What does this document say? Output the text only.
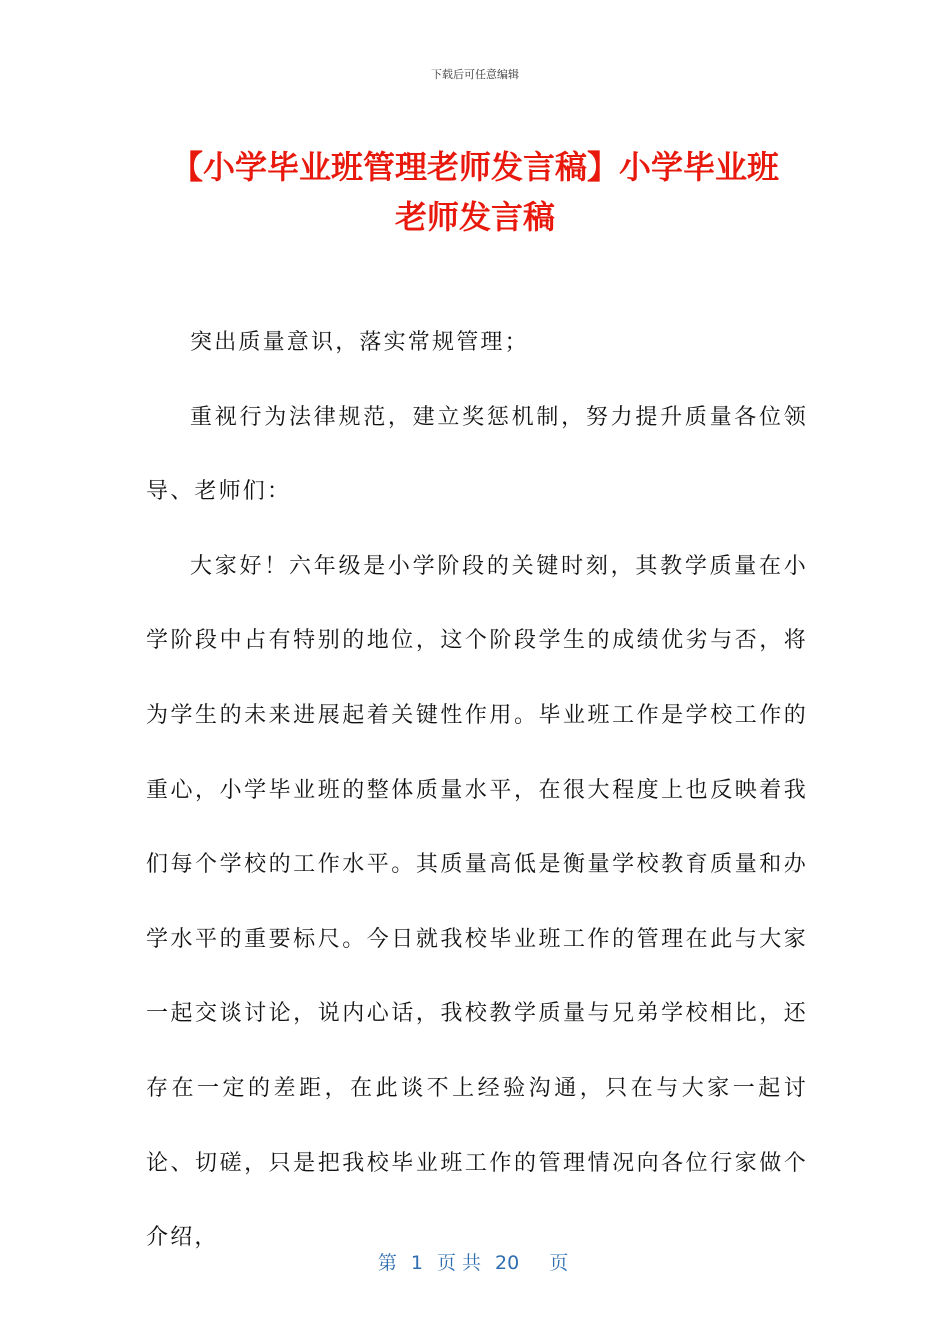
下载后可任意编辑
【小学毕业班管理老师发言稿】小学毕业班
老师发言稿

突出质量意识，落实常规管理；

重视行为法律规范，建立奖惩机制，努力提升质量各位领导、老师们：

大家好！六年级是小学阶段的关键时刻，其教学质量在小学阶段中占有特别的地位，这个阶段学生的成绩优劣与否，将为学生的未来进展起着关键性作用。毕业班工作是学校工作的重心，小学毕业班的整体质量水平，在很大程度上也反映着我们每个学校的工作水平。其质量高低是衡量学校教育质量和办学水平的重要标尺。今日就我校毕业班工作的管理在此与大家一起交谈讨论，说内心话，我校教学质量与兄弟学校相比，还存在一定的差距，在此谈不上经验沟通，只在与大家一起讨论、切磋，只是把我校毕业班工作的管理情况向各位行家做个介绍，

第 1 页 共 20 页
